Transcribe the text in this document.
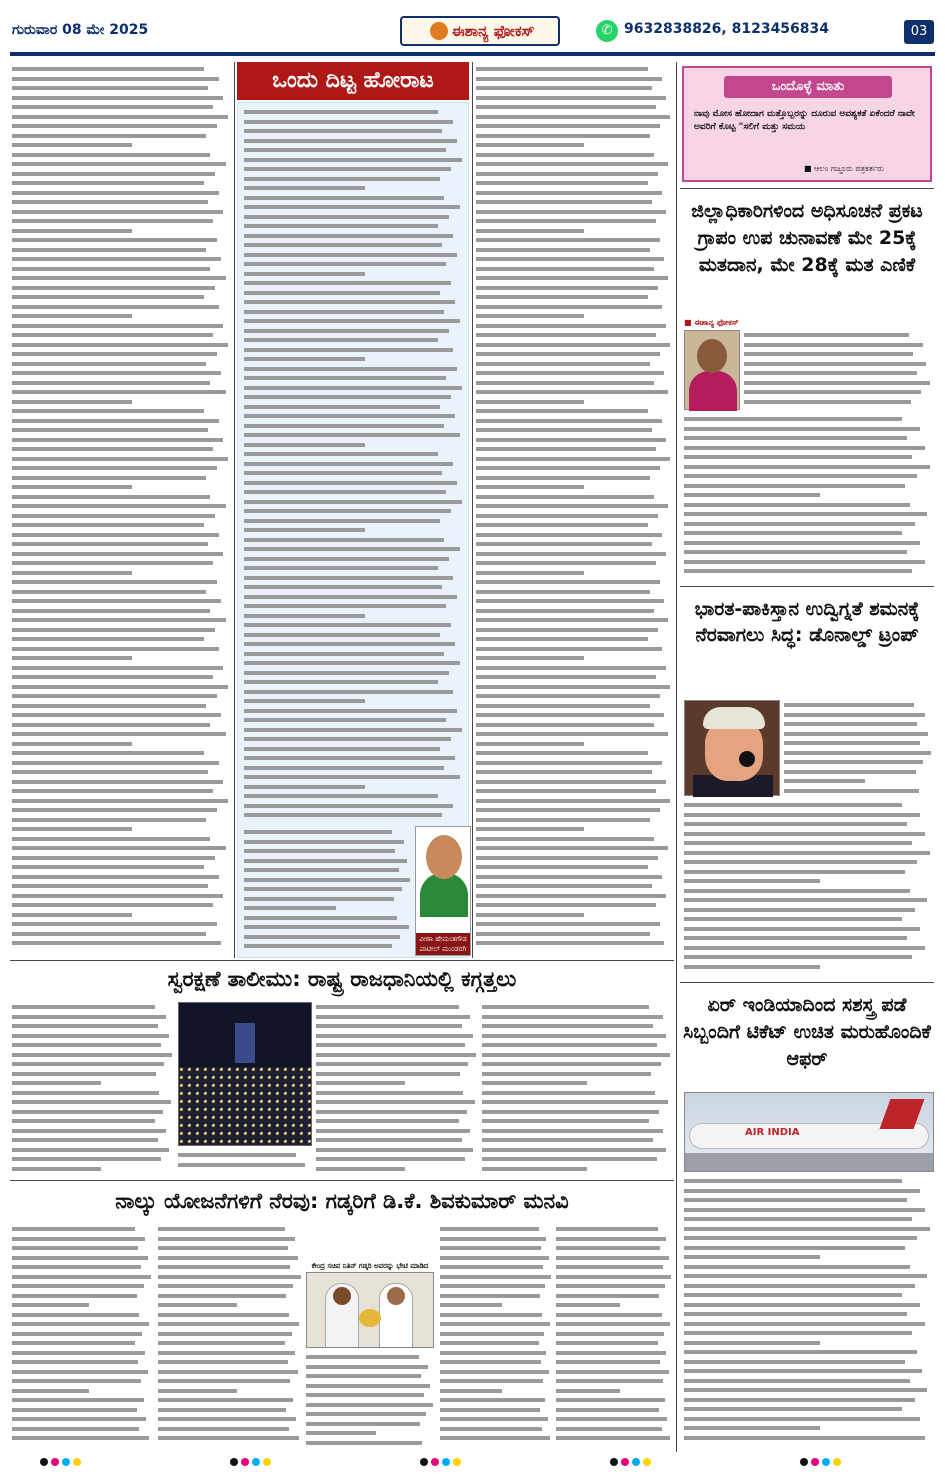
ಗುರುವಾರ 08 ಮೇ 2025	ಈಶಾನ್ಯ ಫೋಕಸ್	✆ 9632838826, 8123456834	03
ಒಂದು ದಿಟ್ಟ ಹೋರಾಟ
ವೀಣಾ ಹೇಮಂತಗೌಡ ಪಾಟೀಲ್ ಮುಂಡರಗಿ
ಒಂದೊಳ್ಳೆ ಮಾತು
ನಾವು ಮೋಸ ಹೋದಾಗ ಮತ್ತೊಬ್ಬರನ್ನು ದೂರುವ ಅವಶ್ಯಕತೆ ಏಕೆಂದರೆ ನಾವೇ ಅವರಿಗೆ ಕೊಟ್ಟ "ಸಲಿಗೆ ಮತ್ತು ಸಮಯ
■ ಆಲಂ ಗಜ್ಜೂರು ಪತ್ರಕರ್ತರು
ಜಿಲ್ಲಾಧಿಕಾರಿಗಳಿಂದ ಅಧಿಸೂಚನೆ ಪ್ರಕಟ ಗ್ರಾಪಂ ಉಪ ಚುನಾವಣೆ ಮೇ 25ಕ್ಕೆ ಮತದಾನ, ಮೇ 28ಕ್ಕೆ ಮತ ಎಣಿಕೆ
■ ಈಶಾನ್ಯ ಫೋಕಸ್
ಭಾರತ-ಪಾಕಿಸ್ತಾನ ಉದ್ವಿಗ್ನತೆ ಶಮನಕ್ಕೆ ನೆರವಾಗಲು ಸಿದ್ಧ: ಡೊನಾಲ್ಡ್ ಟ್ರಂಪ್
ಏರ್ ಇಂಡಿಯಾದಿಂದ ಸಶಸ್ತ್ರ ಪಡೆ ಸಿಬ್ಬಂದಿಗೆ ಟಿಕೆಟ್ ಉಚಿತ ಮರುಹೊಂದಿಕೆ ಆಫರ್
AIR INDIA
ಸ್ವರಕ್ಷಣೆ ತಾಲೀಮು: ರಾಷ್ಟ್ರ ರಾಜಧಾನಿಯಲ್ಲಿ ಕಗ್ಗತ್ತಲು
ನಾಲ್ಕು ಯೋಜನೆಗಳಿಗೆ ನೆರವು: ಗಡ್ಕರಿಗೆ ಡಿ.ಕೆ. ಶಿವಕುಮಾರ್ ಮನವಿ
ಕೇಂದ್ರ ಸಚಿವ ನಿತಿನ್ ಗಡ್ಕರಿ ಅವರನ್ನು ಭೇಟಿ ಮಾಡಿದ
